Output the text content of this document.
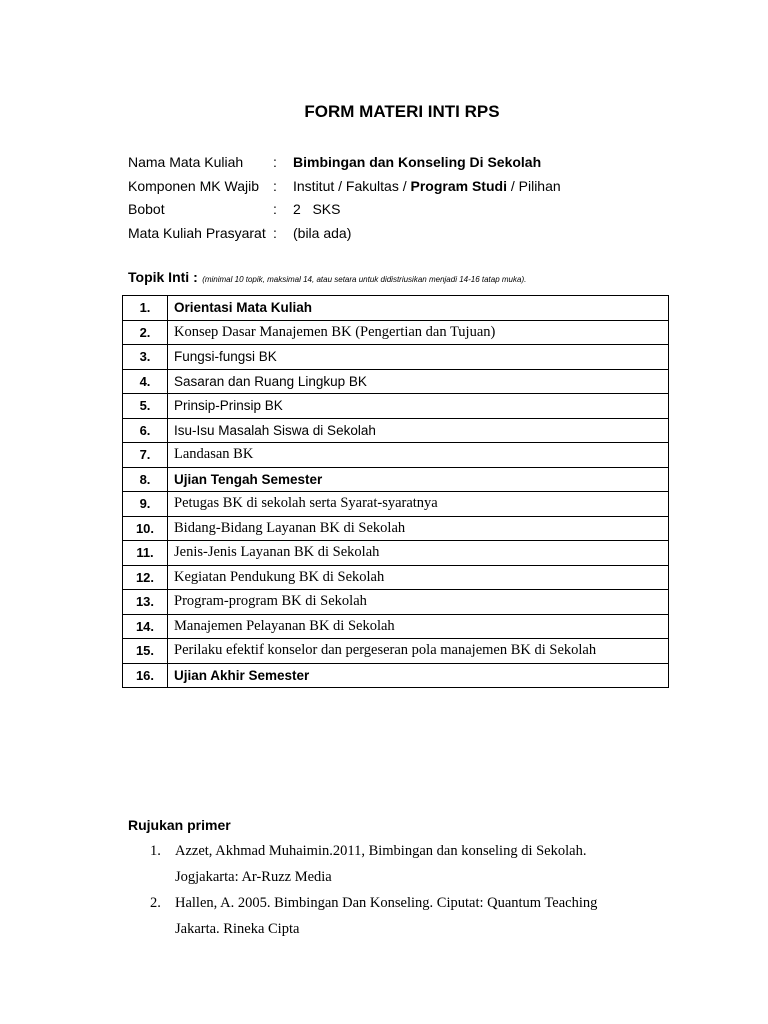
FORM MATERI INTI RPS
Nama Mata Kuliah : Bimbingan dan Konseling Di Sekolah
Komponen MK Wajib : Institut / Fakultas / Program Studi / Pilihan
Bobot	: 2   SKS
Mata Kuliah Prasyarat : (bila ada)
Topik Inti : (minimal 10 topik, maksimal 14, atau setara untuk didistriusikan menjadi 14-16 tatap muka).
1.	Orientasi Mata Kuliah
2.	Konsep Dasar Manajemen BK (Pengertian dan Tujuan)
3.	Fungsi-fungsi BK
4.	Sasaran dan Ruang Lingkup BK
5.	Prinsip-Prinsip BK
6.	Isu-Isu Masalah Siswa di Sekolah
7.	Landasan BK
8.	Ujian Tengah Semester
9.	Petugas BK di sekolah serta Syarat-syaratnya
10.	Bidang-Bidang Layanan BK di Sekolah
11.	Jenis-Jenis Layanan BK di Sekolah
12.	Kegiatan Pendukung BK di Sekolah
13.	Program-program BK di Sekolah
14.	Manajemen Pelayanan BK di Sekolah
15.	Perilaku efektif konselor dan pergeseran pola manajemen BK di Sekolah
16.	Ujian Akhir Semester
Rujukan primer
1. Azzet, Akhmad Muhaimin.2011, Bimbingan dan konseling di Sekolah.
Jogjakarta: Ar-Ruzz Media
2. Hallen, A. 2005. Bimbingan Dan Konseling. Ciputat: Quantum Teaching
Jakarta. Rineka Cipta
